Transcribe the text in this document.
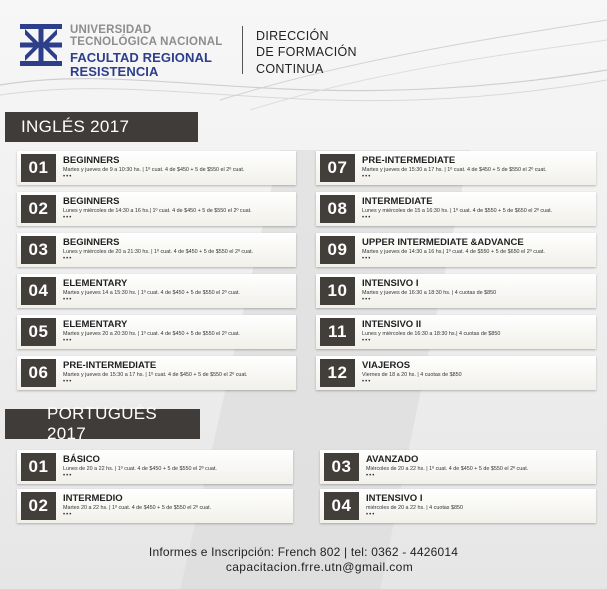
UNIVERSIDAD
TECNOLÓGICA NACIONAL
FACULTAD REGIONAL
RESISTENCIA
DIRECCIÓN
DE FORMACIÓN
CONTINUA
INGLÉS 2017
01	BEGINNERS
Martes y jueves de 9 a 10:30 hs. | 1º cuat. 4 de $450 + 5 de $550 el 2º cuat.
•••
02	BEGINNERS
Lunes y miércoles de 14:30 a 16 hs.| 1º cuat. 4 de $450 + 5 de $550 el 2º cuat.
•••
03	BEGINNERS
Lunes y miércoles de 20 a 21:30 hs. | 1º cuat. 4 de $450 + 5 de $550 el 2º cuat.
•••
04	ELEMENTARY
Martes y jueves 14 a 15:30 hs. | 1º cuat. 4 de $450 + 5 de $550 el 2º cuat.
•••
05	ELEMENTARY
Martes y jueves 20 a 20:30 hs. | 1º cuat. 4 de $450 + 5 de $550 el 2º cuat.
•••
06	PRE-INTERMEDIATE
Martes y jueves de 15:30 a 17 hs. | 1º cuat. 4 de $450 + 5 de $550 el 2º cuat.
•••
07	PRE-INTERMEDIATE
Martes y jueves de 15:30 a 17 hs. | 1º cuat. 4 de $450 + 5 de $550 el 2º cuat.
•••
08	INTERMEDIATE
Lunes y miércoles de 15 a 16:30 hs. | 1º cuat. 4 de $550 + 5 de $650 el 2º cuat.
•••
09	UPPER INTERMEDIATE &ADVANCE
Martes y jueves de 14:30 a 16 hs.| 1º cuat. 4 de $550 + 5 de $650 el 2º cuat.
•••
10	INTENSIVO I
Martes y jueves de 16:30 a 18:30 hs. | 4 cuotas de $850
•••
11	INTENSIVO II
Lunes y miércoles de 16:30 a 18:30 hs.| 4 cuotas de $850
•••
12	VIAJEROS
Viernes de 18 a 20 hs. | 4 cuotas de $850
•••
PORTUGUÉS 2017
01	BÁSICO
Lunes de 20 a 22 hs. | 1º cuat. 4 de $450 + 5 de $550 el 2º cuat.
•••
02	INTERMEDIO
Martes 20 a 22 hs. | 1º cuat. 4 de $450 + 5 de $550 el 2º cuat.
•••
03	AVANZADO
Miércoles de 20 a 22 hs. | 1º cuat. 4 de $450 + 5 de $550 el 2º cuat.
•••
04	INTENSIVO I
miércoles de 20 a 22 hs. | 4 cuotas $850
•••
Informes e Inscripción: French 802 | tel: 0362 - 4426014
capacitacion.frre.utn@gmail.com
